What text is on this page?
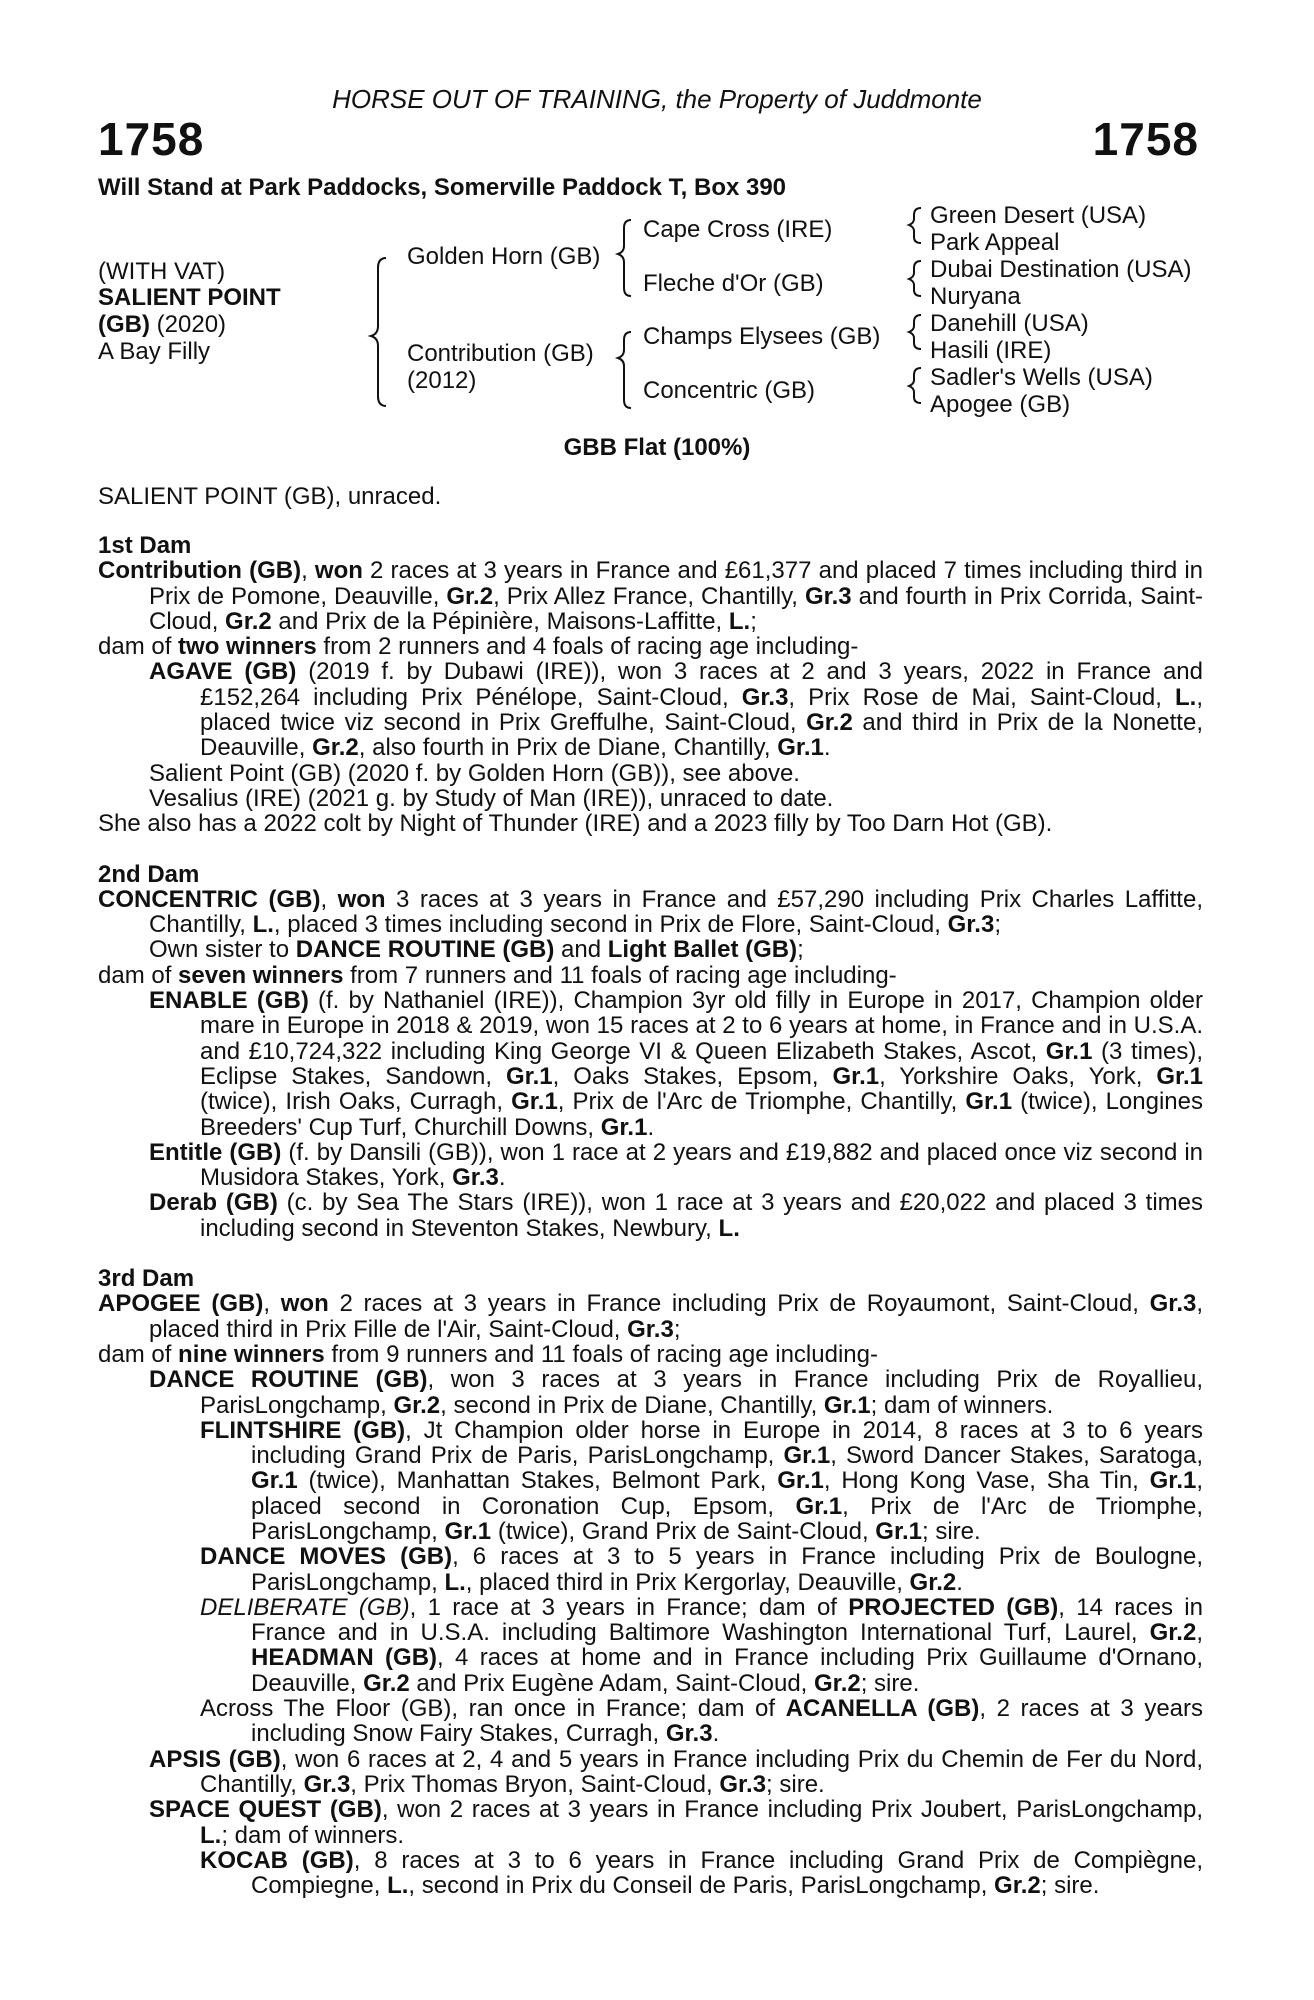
HORSE OUT OF TRAINING, the Property of Juddmonte
1758	1758
Will Stand at Park Paddocks, Somerville Paddock T, Box 390
(WITH VAT)
SALIENT POINT
(GB) (2020)
A Bay Filly
Golden Horn (GB)
Contribution (GB)
(2012)
Cape Cross (IRE)
Fleche d'Or (GB)
Champs Elysees (GB)
Concentric (GB)
Green Desert (USA)
Park Appeal
Dubai Destination (USA)
Nuryana
Danehill (USA)
Hasili (IRE)
Sadler's Wells (USA)
Apogee (GB)
GBB Flat (100%)
SALIENT POINT (GB), unraced.

1st Dam

Contribution (GB), won 2 races at 3 years in France and £61,377 and placed 7 times including third in Prix de Pomone, Deauville, Gr.2, Prix Allez France, Chantilly, Gr.3 and fourth in Prix Corrida, Saint-Cloud, Gr.2 and Prix de la Pépinière, Maisons-Laffitte, L.;

dam of two winners from 2 runners and 4 foals of racing age including-

AGAVE (GB) (2019 f. by Dubawi (IRE)), won 3 races at 2 and 3 years, 2022 in France and £152,264 including Prix Pénélope, Saint-Cloud, Gr.3, Prix Rose de Mai, Saint-Cloud, L., placed twice viz second in Prix Greffulhe, Saint-Cloud, Gr.2 and third in Prix de la Nonette, Deauville, Gr.2, also fourth in Prix de Diane, Chantilly, Gr.1.

Salient Point (GB) (2020 f. by Golden Horn (GB)), see above.

Vesalius (IRE) (2021 g. by Study of Man (IRE)), unraced to date.

She also has a 2022 colt by Night of Thunder (IRE) and a 2023 filly by Too Darn Hot (GB).

2nd Dam

CONCENTRIC (GB), won 3 races at 3 years in France and £57,290 including Prix Charles Laffitte, Chantilly, L., placed 3 times including second in Prix de Flore, Saint-Cloud, Gr.3;

Own sister to DANCE ROUTINE (GB) and Light Ballet (GB);

dam of seven winners from 7 runners and 11 foals of racing age including-

ENABLE (GB) (f. by Nathaniel (IRE)), Champion 3yr old filly in Europe in 2017, Champion older mare in Europe in 2018 & 2019, won 15 races at 2 to 6 years at home, in France and in U.S.A. and £10,724,322 including King George VI & Queen Elizabeth Stakes, Ascot, Gr.1 (3 times), Eclipse Stakes, Sandown, Gr.1, Oaks Stakes, Epsom, Gr.1, Yorkshire Oaks, York, Gr.1 (twice), Irish Oaks, Curragh, Gr.1, Prix de l'Arc de Triomphe, Chantilly, Gr.1 (twice), Longines Breeders' Cup Turf, Churchill Downs, Gr.1.

Entitle (GB) (f. by Dansili (GB)), won 1 race at 2 years and £19,882 and placed once viz second in Musidora Stakes, York, Gr.3.

Derab (GB) (c. by Sea The Stars (IRE)), won 1 race at 3 years and £20,022 and placed 3 times including second in Steventon Stakes, Newbury, L.

3rd Dam

APOGEE (GB), won 2 races at 3 years in France including Prix de Royaumont, Saint-Cloud, Gr.3, placed third in Prix Fille de l'Air, Saint-Cloud, Gr.3;

dam of nine winners from 9 runners and 11 foals of racing age including-

DANCE ROUTINE (GB), won 3 races at 3 years in France including Prix de Royallieu, ParisLongchamp, Gr.2, second in Prix de Diane, Chantilly, Gr.1; dam of winners.

FLINTSHIRE (GB), Jt Champion older horse in Europe in 2014, 8 races at 3 to 6 years including Grand Prix de Paris, ParisLongchamp, Gr.1, Sword Dancer Stakes, Saratoga, Gr.1 (twice), Manhattan Stakes, Belmont Park, Gr.1, Hong Kong Vase, Sha Tin, Gr.1, placed second in Coronation Cup, Epsom, Gr.1, Prix de l'Arc de Triomphe, ParisLongchamp, Gr.1 (twice), Grand Prix de Saint-Cloud, Gr.1; sire.

DANCE MOVES (GB), 6 races at 3 to 5 years in France including Prix de Boulogne, ParisLongchamp, L., placed third in Prix Kergorlay, Deauville, Gr.2.

DELIBERATE (GB), 1 race at 3 years in France; dam of PROJECTED (GB), 14 races in France and in U.S.A. including Baltimore Washington International Turf, Laurel, Gr.2, HEADMAN (GB), 4 races at home and in France including Prix Guillaume d'Ornano, Deauville, Gr.2 and Prix Eugène Adam, Saint-Cloud, Gr.2; sire.

Across The Floor (GB), ran once in France; dam of ACANELLA (GB), 2 races at 3 years including Snow Fairy Stakes, Curragh, Gr.3.

APSIS (GB), won 6 races at 2, 4 and 5 years in France including Prix du Chemin de Fer du Nord, Chantilly, Gr.3, Prix Thomas Bryon, Saint-Cloud, Gr.3; sire.

SPACE QUEST (GB), won 2 races at 3 years in France including Prix Joubert, ParisLongchamp, L.; dam of winners.

KOCAB (GB), 8 races at 3 to 6 years in France including Grand Prix de Compiègne, Compiegne, L., second in Prix du Conseil de Paris, ParisLongchamp, Gr.2; sire.
